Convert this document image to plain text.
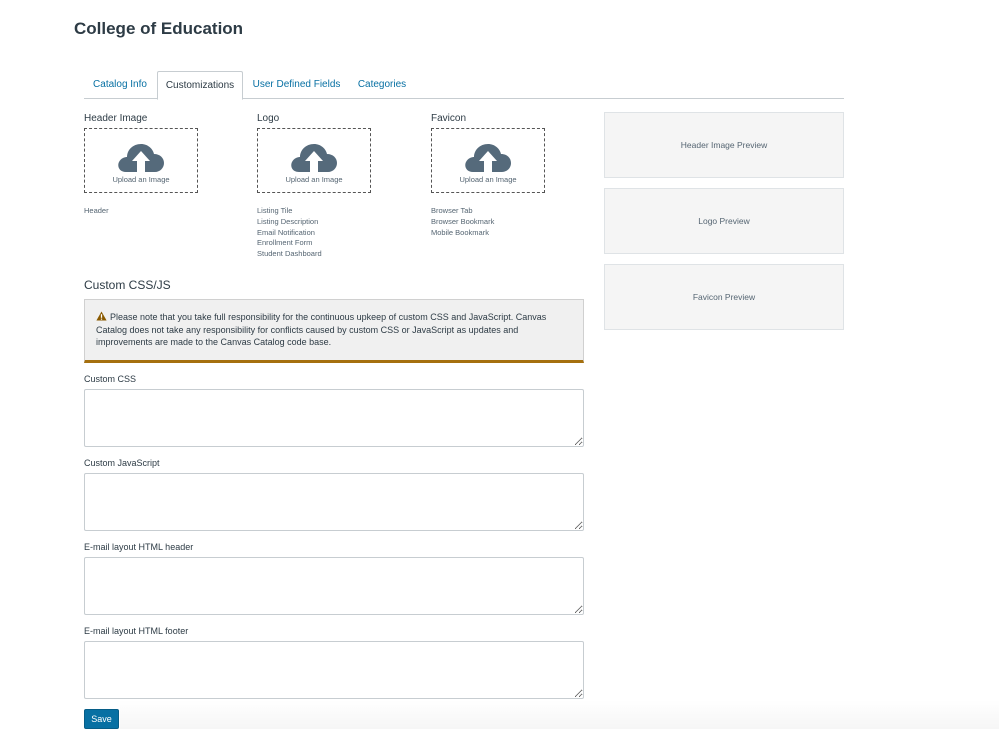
College of Education
Catalog Info	Customizations	User Defined Fields	Categories
Header Image
Upload an Image
Header
Logo
Upload an Image
Listing Tile
Listing Description
Email Notification
Enrollment Form
Student Dashboard
Favicon
Upload an Image
Browser Tab
Browser Bookmark
Mobile Bookmark
Header Image Preview
Logo Preview
Favicon Preview
Custom CSS/JS
Please note that you take full responsibility for the continuous upkeep of custom CSS and JavaScript. Canvas Catalog does not take any responsibility for conflicts caused by custom CSS or JavaScript as updates and improvements are made to the Canvas Catalog code base.
Custom CSS
Custom JavaScript
E-mail layout HTML header
E-mail layout HTML footer
Save
